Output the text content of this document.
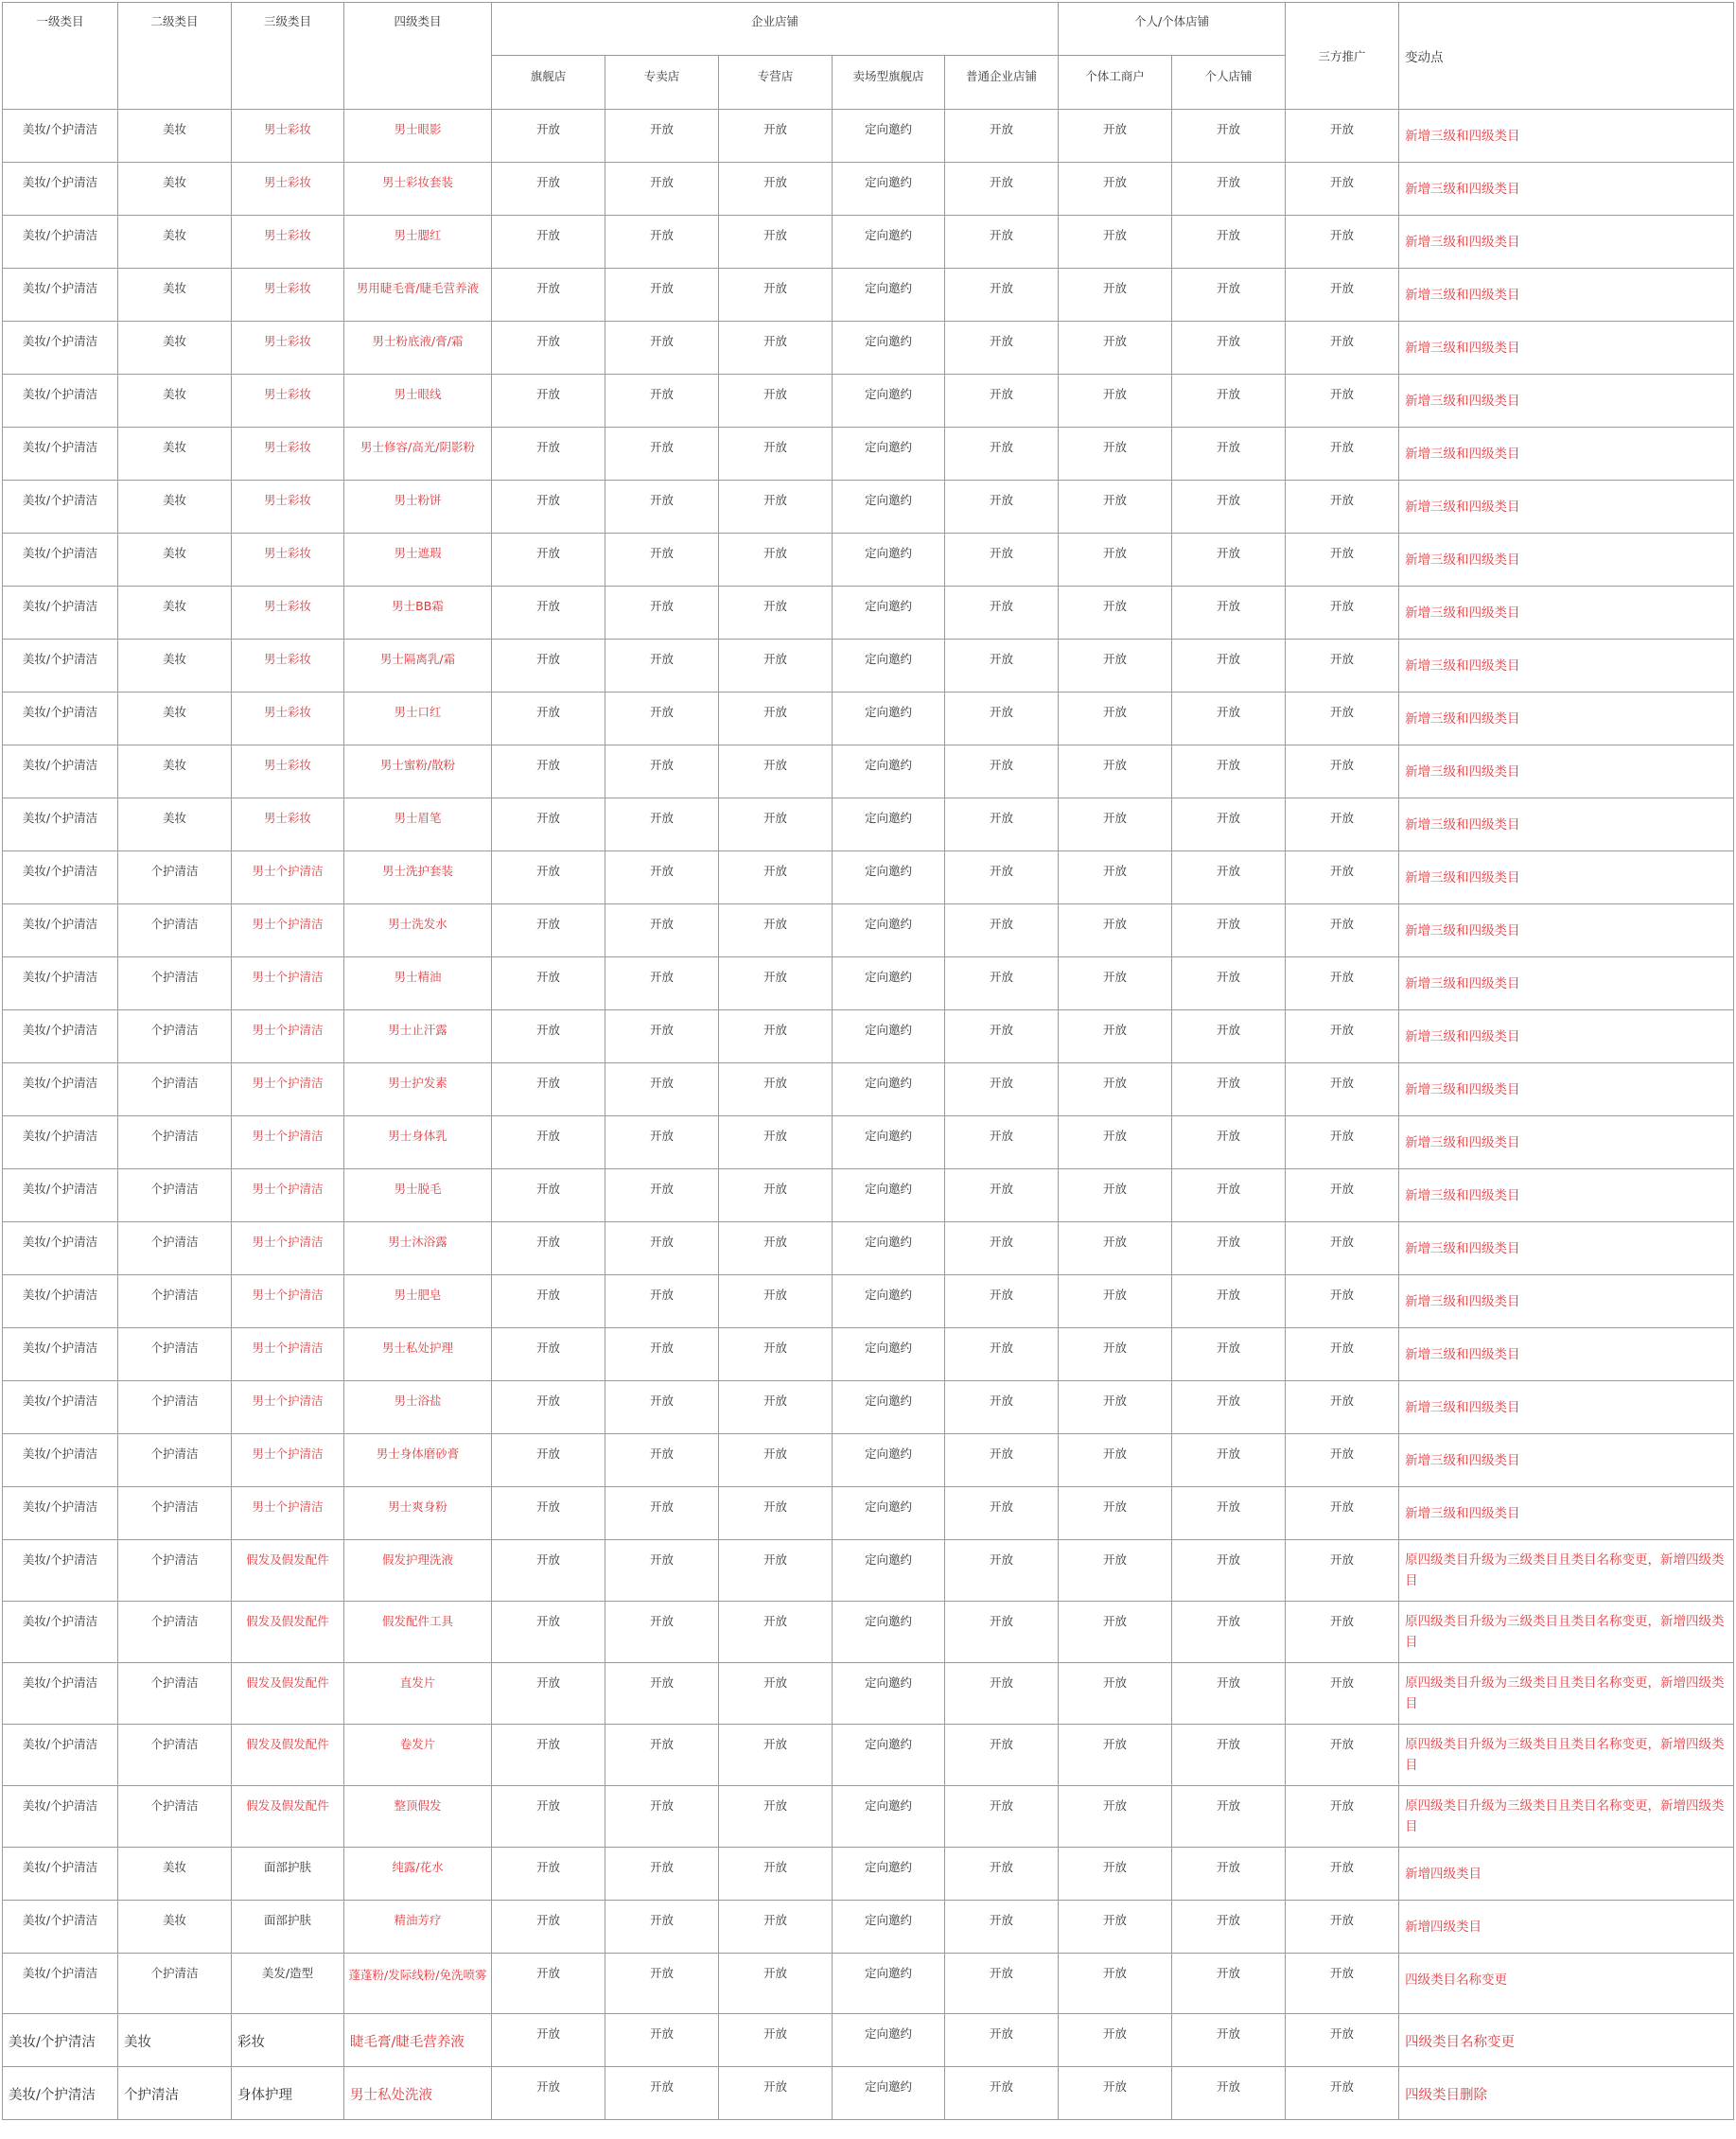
一级类目	二级类目	三级类目	四级类目	企业店铺					个人/个体店铺		三方推广	变动点
				旗舰店	专卖店	专营店	卖场型旗舰店	普通企业店铺	个体工商户	个人店铺		
美妆/个护清洁	美妆	男士彩妆	男士眼影	开放	开放	开放	定向邀约	开放	开放	开放	开放	新增三级和四级类目
美妆/个护清洁	美妆	男士彩妆	男士彩妆套装	开放	开放	开放	定向邀约	开放	开放	开放	开放	新增三级和四级类目
美妆/个护清洁	美妆	男士彩妆	男士腮红	开放	开放	开放	定向邀约	开放	开放	开放	开放	新增三级和四级类目
美妆/个护清洁	美妆	男士彩妆	男用睫毛膏/睫毛营养液	开放	开放	开放	定向邀约	开放	开放	开放	开放	新增三级和四级类目
美妆/个护清洁	美妆	男士彩妆	男士粉底液/膏/霜	开放	开放	开放	定向邀约	开放	开放	开放	开放	新增三级和四级类目
美妆/个护清洁	美妆	男士彩妆	男士眼线	开放	开放	开放	定向邀约	开放	开放	开放	开放	新增三级和四级类目
美妆/个护清洁	美妆	男士彩妆	男士修容/高光/阴影粉	开放	开放	开放	定向邀约	开放	开放	开放	开放	新增三级和四级类目
美妆/个护清洁	美妆	男士彩妆	男士粉饼	开放	开放	开放	定向邀约	开放	开放	开放	开放	新增三级和四级类目
美妆/个护清洁	美妆	男士彩妆	男士遮瑕	开放	开放	开放	定向邀约	开放	开放	开放	开放	新增三级和四级类目
美妆/个护清洁	美妆	男士彩妆	男士BB霜	开放	开放	开放	定向邀约	开放	开放	开放	开放	新增三级和四级类目
美妆/个护清洁	美妆	男士彩妆	男士隔离乳/霜	开放	开放	开放	定向邀约	开放	开放	开放	开放	新增三级和四级类目
美妆/个护清洁	美妆	男士彩妆	男士口红	开放	开放	开放	定向邀约	开放	开放	开放	开放	新增三级和四级类目
美妆/个护清洁	美妆	男士彩妆	男士蜜粉/散粉	开放	开放	开放	定向邀约	开放	开放	开放	开放	新增三级和四级类目
美妆/个护清洁	美妆	男士彩妆	男士眉笔	开放	开放	开放	定向邀约	开放	开放	开放	开放	新增三级和四级类目
美妆/个护清洁	个护清洁	男士个护清洁	男士洗护套装	开放	开放	开放	定向邀约	开放	开放	开放	开放	新增三级和四级类目
美妆/个护清洁	个护清洁	男士个护清洁	男士洗发水	开放	开放	开放	定向邀约	开放	开放	开放	开放	新增三级和四级类目
美妆/个护清洁	个护清洁	男士个护清洁	男士精油	开放	开放	开放	定向邀约	开放	开放	开放	开放	新增三级和四级类目
美妆/个护清洁	个护清洁	男士个护清洁	男士止汗露	开放	开放	开放	定向邀约	开放	开放	开放	开放	新增三级和四级类目
美妆/个护清洁	个护清洁	男士个护清洁	男士护发素	开放	开放	开放	定向邀约	开放	开放	开放	开放	新增三级和四级类目
美妆/个护清洁	个护清洁	男士个护清洁	男士身体乳	开放	开放	开放	定向邀约	开放	开放	开放	开放	新增三级和四级类目
美妆/个护清洁	个护清洁	男士个护清洁	男士脱毛	开放	开放	开放	定向邀约	开放	开放	开放	开放	新增三级和四级类目
美妆/个护清洁	个护清洁	男士个护清洁	男士沐浴露	开放	开放	开放	定向邀约	开放	开放	开放	开放	新增三级和四级类目
美妆/个护清洁	个护清洁	男士个护清洁	男士肥皂	开放	开放	开放	定向邀约	开放	开放	开放	开放	新增三级和四级类目
美妆/个护清洁	个护清洁	男士个护清洁	男士私处护理	开放	开放	开放	定向邀约	开放	开放	开放	开放	新增三级和四级类目
美妆/个护清洁	个护清洁	男士个护清洁	男士浴盐	开放	开放	开放	定向邀约	开放	开放	开放	开放	新增三级和四级类目
美妆/个护清洁	个护清洁	男士个护清洁	男士身体磨砂膏	开放	开放	开放	定向邀约	开放	开放	开放	开放	新增三级和四级类目
美妆/个护清洁	个护清洁	男士个护清洁	男士爽身粉	开放	开放	开放	定向邀约	开放	开放	开放	开放	新增三级和四级类目
美妆/个护清洁	个护清洁	假发及假发配件	假发护理洗液	开放	开放	开放	定向邀约	开放	开放	开放	开放	原四级类目升级为三级类目且类目名称变更，新增四级类目
美妆/个护清洁	个护清洁	假发及假发配件	假发配件工具	开放	开放	开放	定向邀约	开放	开放	开放	开放	原四级类目升级为三级类目且类目名称变更，新增四级类目
美妆/个护清洁	个护清洁	假发及假发配件	直发片	开放	开放	开放	定向邀约	开放	开放	开放	开放	原四级类目升级为三级类目且类目名称变更，新增四级类目
美妆/个护清洁	个护清洁	假发及假发配件	卷发片	开放	开放	开放	定向邀约	开放	开放	开放	开放	原四级类目升级为三级类目且类目名称变更，新增四级类目
美妆/个护清洁	个护清洁	假发及假发配件	整顶假发	开放	开放	开放	定向邀约	开放	开放	开放	开放	原四级类目升级为三级类目且类目名称变更，新增四级类目
美妆/个护清洁	美妆	面部护肤	纯露/花水	开放	开放	开放	定向邀约	开放	开放	开放	开放	新增四级类目
美妆/个护清洁	美妆	面部护肤	精油芳疗	开放	开放	开放	定向邀约	开放	开放	开放	开放	新增四级类目
美妆/个护清洁	个护清洁	美发/造型	蓬蓬粉/发际线粉/免洗喷雾	开放	开放	开放	定向邀约	开放	开放	开放	开放	四级类目名称变更
美妆/个护清洁	美妆	彩妆	睫毛膏/睫毛营养液	开放	开放	开放	定向邀约	开放	开放	开放	开放	四级类目名称变更
美妆/个护清洁	个护清洁	身体护理	男士私处洗液	开放	开放	开放	定向邀约	开放	开放	开放	开放	四级类目删除
